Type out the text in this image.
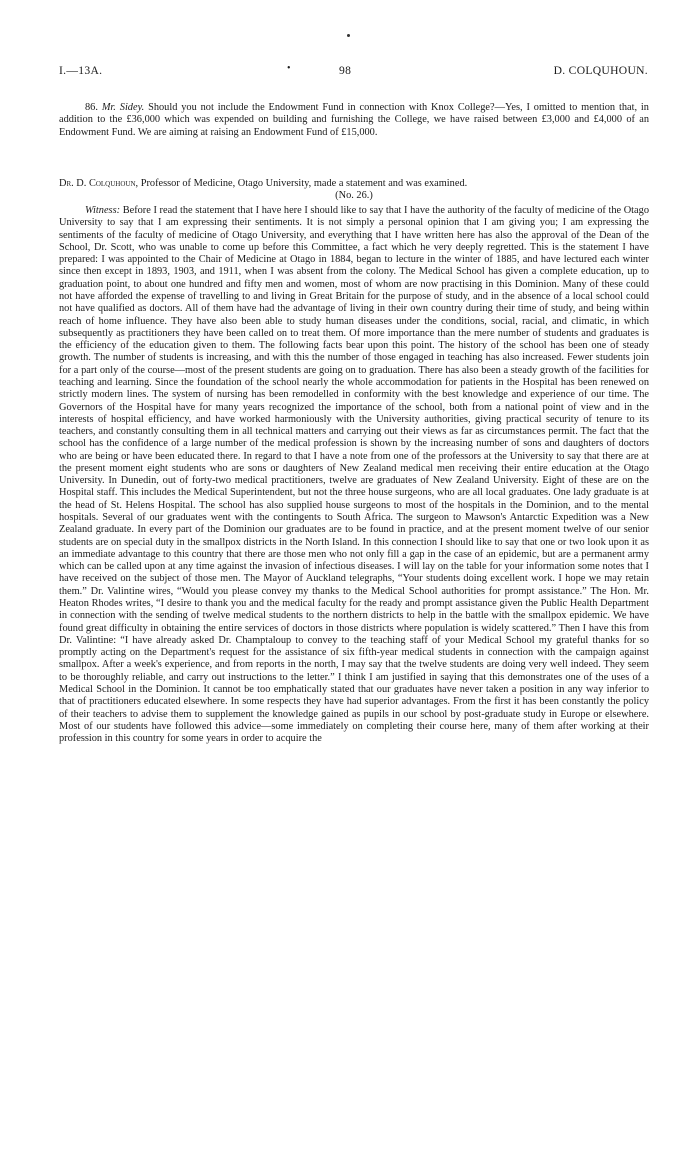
I.—13A.	•	98	D. COLQUHOUN.

86. Mr. Sidey. Should you not include the Endowment Fund in connection with Knox College?—Yes, I omitted to mention that, in addition to the £36,000 which was expended on building and furnishing the College, we have raised between £3,000 and £4,000 of an Endowment Fund. We are aiming at raising an Endowment Fund of £15,000.

Dr. D. Colquhoun, Professor of Medicine, Otago University, made a statement and was examined.

(No. 26.)

Witness: Before I read the statement that I have here I should like to say that I have the authority of the faculty of medicine of the Otago University to say that I am expressing their sentiments. It is not simply a personal opinion that I am giving you; I am expressing the sentiments of the faculty of medicine of Otago University, and everything that I have written here has also the approval of the Dean of the School, Dr. Scott, who was unable to come up before this Committee, a fact which he very deeply regretted. This is the statement I have prepared: I was appointed to the Chair of Medicine at Otago in 1884, began to lecture in the winter of 1885, and have lectured each winter since then except in 1893, 1903, and 1911, when I was absent from the colony. The Medical School has given a complete education, up to graduation point, to about one hundred and fifty men and women, most of whom are now practising in this Dominion. Many of these could not have afforded the expense of travelling to and living in Great Britain for the purpose of study, and in the absence of a local school could not have qualified as doctors. All of them have had the advantage of living in their own country during their time of study, and being within reach of home influence. They have also been able to study human diseases under the conditions, social, racial, and climatic, in which subsequently as practitioners they have been called on to treat them. Of more importance than the mere number of students and graduates is the efficiency of the education given to them. The following facts bear upon this point. The history of the school has been one of steady growth. The number of students is increasing, and with this the number of those engaged in teaching has also increased. Fewer students join for a part only of the course—most of the present students are going on to graduation. There has also been a steady growth of the facilities for teaching and learning. Since the foundation of the school nearly the whole accommodation for patients in the Hospital has been renewed on strictly modern lines. The system of nursing has been remodelled in conformity with the best knowledge and experience of our time. The Governors of the Hospital have for many years recognized the importance of the school, both from a national point of view and in the interests of hospital efficiency, and have worked harmoniously with the University authorities, giving practical security of tenure to its teachers, and constantly consulting them in all technical matters and carrying out their views as far as circumstances permit. The fact that the school has the confidence of a large number of the medical profession is shown by the increasing number of sons and daughters of doctors who are being or have been educated there. In regard to that I have a note from one of the professors at the University to say that there are at the present moment eight students who are sons or daughters of New Zealand medical men receiving their entire education at the Otago University. In Dunedin, out of forty-two medical practitioners, twelve are graduates of New Zealand University. Eight of these are on the Hospital staff. This includes the Medical Superintendent, but not the three house surgeons, who are all local graduates. One lady graduate is at the head of St. Helens Hospital. The school has also supplied house surgeons to most of the hospitals in the Dominion, and to the mental hospitals. Several of our graduates went with the contingents to South Africa. The surgeon to Mawson's Antarctic Expedition was a New Zealand graduate. In every part of the Dominion our graduates are to be found in practice, and at the present moment twelve of our senior students are on special duty in the smallpox districts in the North Island. In this connection I should like to say that one or two look upon it as an immediate advantage to this country that there are those men who not only fill a gap in the case of an epidemic, but are a permanent army which can be called upon at any time against the invasion of infectious diseases. I will lay on the table for your information some notes that I have received on the subject of those men. The Mayor of Auckland telegraphs, “Your students doing excellent work. I hope we may retain them.” Dr. Valintine wires, “Would you please convey my thanks to the Medical School authorities for prompt assistance.” The Hon. Mr. Heaton Rhodes writes, “I desire to thank you and the medical faculty for the ready and prompt assistance given the Public Health Department in connection with the sending of twelve medical students to the northern districts to help in the battle with the smallpox epidemic. We have found great difficulty in obtaining the entire services of doctors in those districts where population is widely scattered.” Then I have this from Dr. Valintine: “I have already asked Dr. Champtaloup to convey to the teaching staff of your Medical School my grateful thanks for so promptly acting on the Department's request for the assistance of six fifth-year medical students in connection with the campaign against smallpox. After a week's experience, and from reports in the north, I may say that the twelve students are doing very well indeed. They seem to be thoroughly reliable, and carry out instructions to the letter.” I think I am justified in saying that this demonstrates one of the uses of a Medical School in the Dominion. It cannot be too emphatically stated that our graduates have never taken a position in any way inferior to that of practitioners educated elsewhere. In some respects they have had superior advantages. From the first it has been constantly the policy of their teachers to advise them to supplement the knowledge gained as pupils in our school by post-graduate study in Europe or elsewhere. Most of our students have followed this advice—some immediately on completing their course here, many of them after working at their profession in this country for some years in order to acquire the
